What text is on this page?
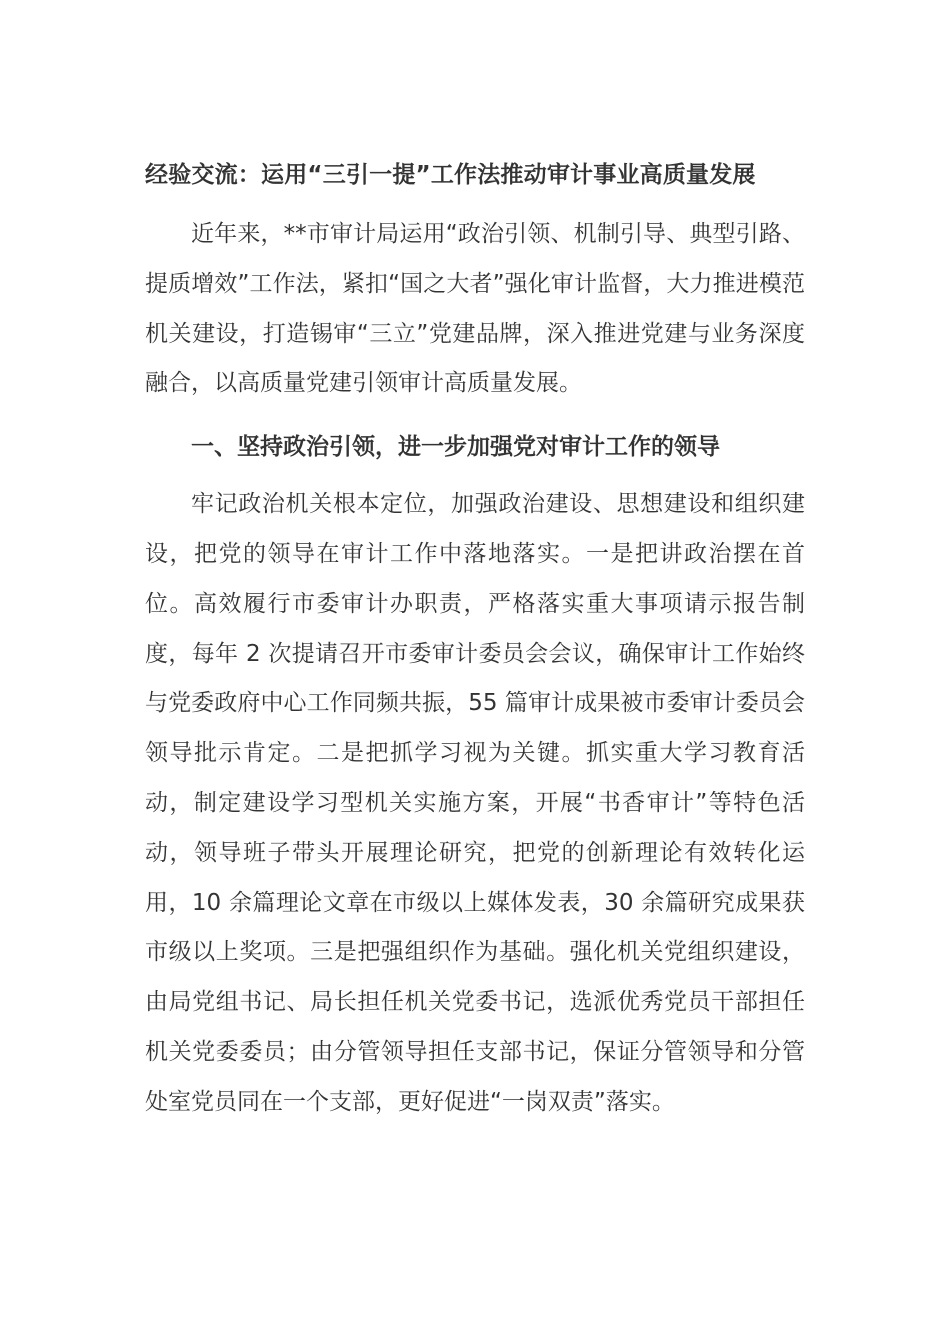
经验交流：运用“三引一提”工作法推动审计事业高质量发展

近年来，**市审计局运用“政治引领、机制引导、典型引路、提质增效”工作法，紧扣“国之大者”强化审计监督，大力推进模范机关建设，打造锡审“三立”党建品牌，深入推进党建与业务深度融合，以高质量党建引领审计高质量发展。

一、坚持政治引领，进一步加强党对审计工作的领导

牢记政治机关根本定位，加强政治建设、思想建设和组织建设，把党的领导在审计工作中落地落实。一是把讲政治摆在首位。高效履行市委审计办职责，严格落实重大事项请示报告制度，每年 2 次提请召开市委审计委员会会议，确保审计工作始终与党委政府中心工作同频共振，55 篇审计成果被市委审计委员会领导批示肯定。二是把抓学习视为关键。抓实重大学习教育活动，制定建设学习型机关实施方案，开展“书香审计”等特色活动，领导班子带头开展理论研究，把党的创新理论有效转化运用，10 余篇理论文章在市级以上媒体发表，30 余篇研究成果获市级以上奖项。三是把强组织作为基础。强化机关党组织建设，由局党组书记、局长担任机关党委书记，选派优秀党员干部担任机关党委委员；由分管领导担任支部书记，保证分管领导和分管处室党员同在一个支部，更好促进“一岗双责”落实。
